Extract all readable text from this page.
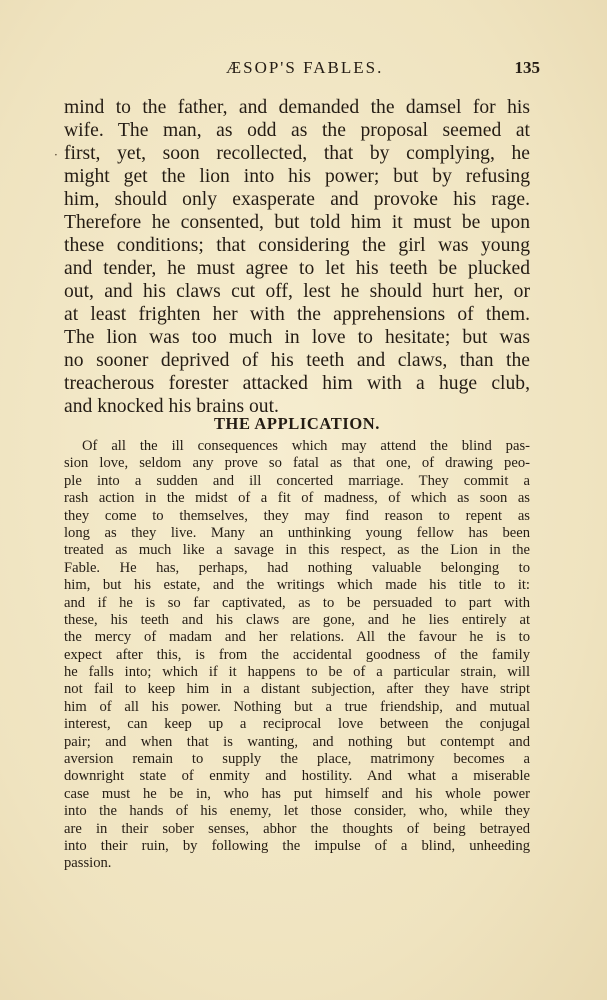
ÆSOP'S FABLES.	135
·
mind to the father, and demanded the damsel for his
wife. The man, as odd as the proposal seemed at
first, yet, soon recollected, that by complying, he
might get the lion into his power; but by refusing
him, should only exasperate and provoke his rage.
Therefore he consented, but told him it must be upon
these conditions; that considering the girl was young
and tender, he must agree to let his teeth be plucked
out, and his claws cut off, lest he should hurt her, or
at least frighten her with the apprehensions of them.
The lion was too much in love to hesitate; but was
no sooner deprived of his teeth and claws, than the
treacherous forester attacked him with a huge club,
and knocked his brains out.
THE APPLICATION.
Of all the ill consequences which may attend the blind pas-
sion love, seldom any prove so fatal as that one, of drawing peo-
ple into a sudden and ill concerted marriage. They commit a
rash action in the midst of a fit of madness, of which as soon as
they come to themselves, they may find reason to repent as
long as they live. Many an unthinking young fellow has been
treated as much like a savage in this respect, as the Lion in the
Fable. He has, perhaps, had nothing valuable belonging to
him, but his estate, and the writings which made his title to it:
and if he is so far captivated, as to be persuaded to part with
these, his teeth and his claws are gone, and he lies entirely at
the mercy of madam and her relations. All the favour he is to
expect after this, is from the accidental goodness of the family
he falls into; which if it happens to be of a particular strain, will
not fail to keep him in a distant subjection, after they have stript
him of all his power. Nothing but a true friendship, and mutual
interest, can keep up a reciprocal love between the conjugal
pair; and when that is wanting, and nothing but contempt and
aversion remain to supply the place, matrimony becomes a
downright state of enmity and hostility. And what a miserable
case must he be in, who has put himself and his whole power
into the hands of his enemy, let those consider, who, while they
are in their sober senses, abhor the thoughts of being betrayed
into their ruin, by following the impulse of a blind, unheeding
passion.
